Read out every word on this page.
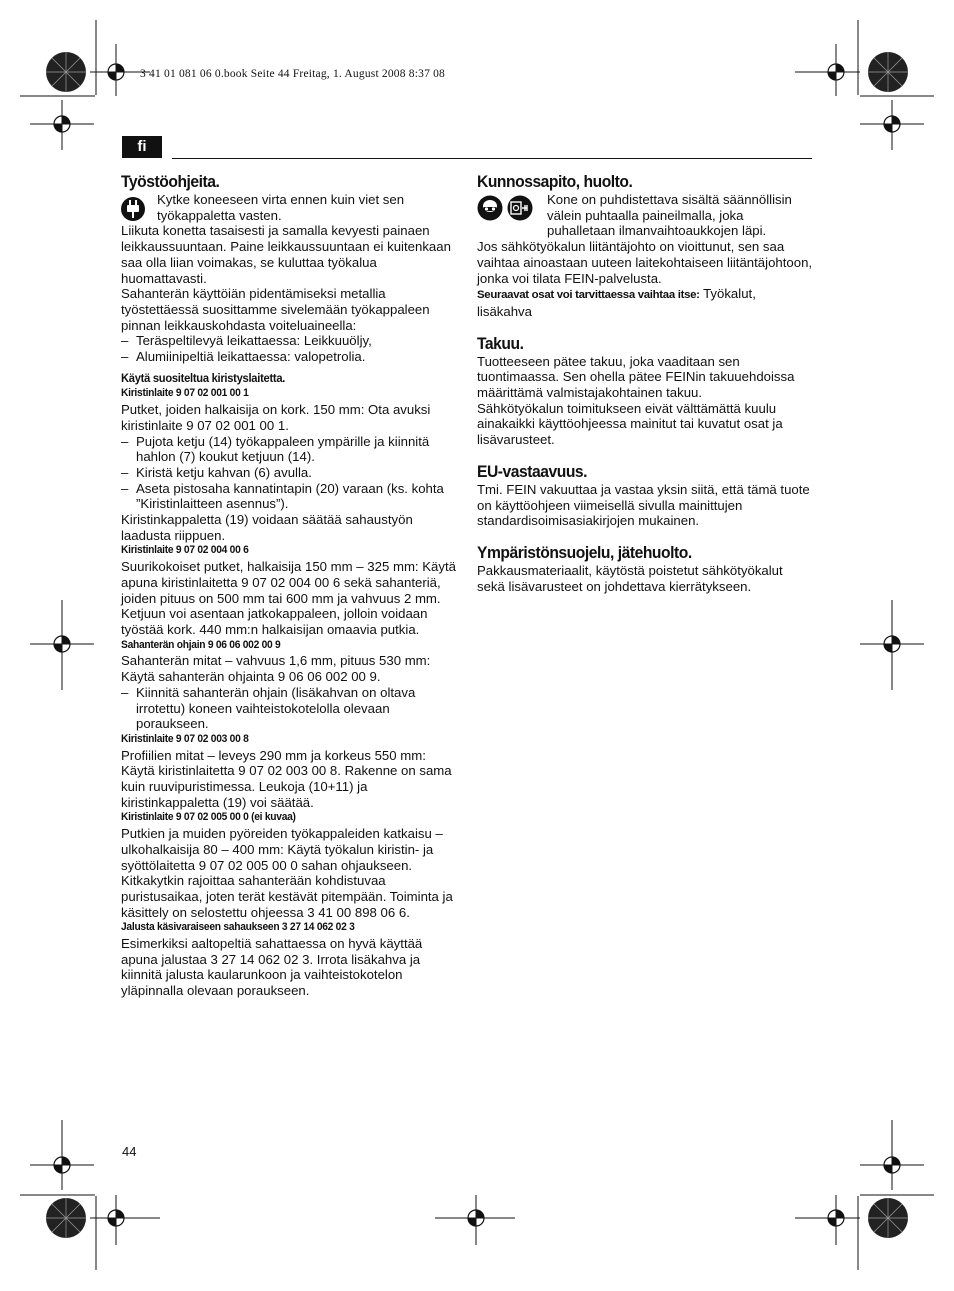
3 41 01 081 06 0.book Seite 44 Freitag, 1. August 2008 8:37 08
fi

Työstöohjeita.

Kytke koneeseen virta ennen kuin viet sen työkappaletta vasten.

Liikuta konetta tasaisesti ja samalla kevyesti painaen leikkaussuuntaan. Paine leikkaussuuntaan ei kuitenkaan saa olla liian voimakas, se kuluttaa työkalua huomattavasti.

Sahanterän käyttöiän pidentämiseksi metallia työstettäessä suosittamme sivelemään työkappaleen pinnan leikkauskohdasta voiteluaineella:

– Teräspeltilevyä leikattaessa: Leikkuuöljy,
– Alumiinipeltiä leikattaessa: valopetrolia.

Käytä suositeltua kiristyslaitetta.

Kiristinlaite 9 07 02 001 00 1

Putket, joiden halkaisija on kork. 150 mm: Ota avuksi kiristinlaite 9 07 02 001 00 1.

– Pujota ketju (14) työkappaleen ympärille ja kiinnitä hahlon (7) koukut ketjuun (14).
– Kiristä ketju kahvan (6) avulla.
– Aseta pistosaha kannatintapin (20) varaan (ks. kohta ”Kiristinlaitteen asennus”).

Kiristinkappaletta (19) voidaan säätää sahaustyön laadusta riippuen.

Kiristinlaite 9 07 02 004 00 6

Suurikokoiset putket, halkaisija 150 mm – 325 mm: Käytä apuna kiristinlaitetta 9 07 02 004 00 6 sekä sahanteriä, joiden pituus on 500 mm tai 600 mm ja vahvuus 2 mm. Ketjuun voi asentaan jatkokappaleen, jolloin voidaan työstää kork. 440 mm:n halkaisijan omaavia putkia.

Sahanterän ohjain 9 06 06 002 00 9

Sahanterän mitat – vahvuus 1,6 mm, pituus 530 mm: Käytä sahanterän ohjainta 9 06 06 002 00 9.

– Kiinnitä sahanterän ohjain (lisäkahvan on oltava irrotettu) koneen vaihteistokotelolla olevaan poraukseen.

Kiristinlaite 9 07 02 003 00 8

Profiilien mitat – leveys 290 mm ja korkeus 550 mm: Käytä kiristinlaitetta 9 07 02 003 00 8. Rakenne on sama kuin ruuvipuristimessa. Leukoja (10+11) ja kiristinkappaletta (19) voi säätää.

Kiristinlaite 9 07 02 005 00 0 (ei kuvaa)

Putkien ja muiden pyöreiden työkappaleiden katkaisu – ulkohalkaisija 80 – 400 mm: Käytä työkalun kiristin- ja syöttölaitetta 9 07 02 005 00 0 sahan ohjaukseen. Kitkakytkin rajoittaa sahanterään kohdistuvaa puristusaikaa, joten terät kestävät pitempään. Toiminta ja käsittely on selostettu ohjeessa 3 41 00 898 06 6.

Jalusta käsivaraiseen sahaukseen 3 27 14 062 02 3

Esimerkiksi aaltopeltiä sahattaessa on hyvä käyttää apuna jalustaa 3 27 14 062 02 3. Irrota lisäkahva ja kiinnitä jalusta kaularunkoon ja vaihteistokotelon yläpinnalla olevaan poraukseen.

Kunnossapito, huolto.

Kone on puhdistettava sisältä säännöllisin välein puhtaalla paineilmalla, joka puhalletaan ilmanvaihtoaukkojen läpi.

Jos sähkötyökalun liitäntäjohto on vioittunut, sen saa vaihtaa ainoastaan uuteen laitekohtaiseen liitäntäjohtoon, jonka voi tilata FEIN-palvelusta.

Seuraavat osat voi tarvittaessa vaihtaa itse: Työkalut, lisäkahva

Takuu.

Tuotteeseen pätee takuu, joka vaaditaan sen tuontimaassa. Sen ohella pätee FEINin takuuehdoissa määrittämä valmistajakohtainen takuu.

Sähkötyökalun toimitukseen eivät välttämättä kuulu ainakaikki käyttöohjeessa mainitut tai kuvatut osat ja lisävarusteet.

EU-vastaavuus.

Tmi. FEIN vakuuttaa ja vastaa yksin siitä, että tämä tuote on käyttöohjeen viimeisellä sivulla mainittujen standardisoimisasiakirjojen mukainen.

Ympäristönsuojelu, jätehuolto.

Pakkausmateriaalit, käytöstä poistetut sähkötyökalut sekä lisävarusteet on johdettava kierrätykseen.

44
